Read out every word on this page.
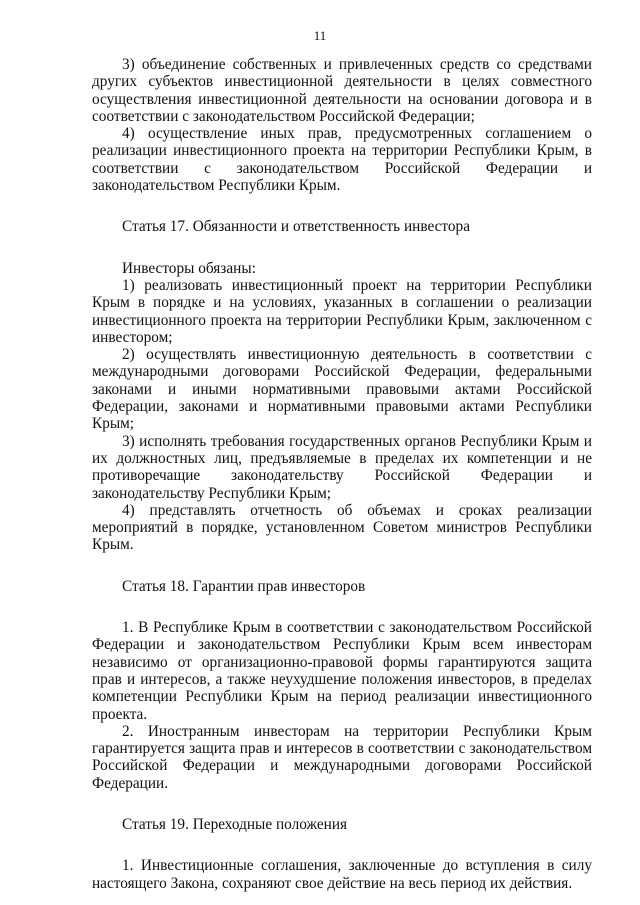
11

3) объединение собственных и привлеченных средств со средствами других субъектов инвестиционной деятельности в целях совместного осуществления инвестиционной деятельности на основании договора и в соответствии с законодательством Российской Федерации;

4) осуществление иных прав, предусмотренных соглашением о реализации инвестиционного проекта на территории Республики Крым, в соответствии с законодательством Российской Федерации и законодательством Республики Крым.

Статья 17. Обязанности и ответственность инвестора

Инвесторы обязаны:

1) реализовать инвестиционный проект на территории Республики Крым в порядке и на условиях, указанных в соглашении о реализации инвестиционного проекта на территории Республики Крым, заключенном с инвестором;

2) осуществлять инвестиционную деятельность в соответствии с международными договорами Российской Федерации, федеральными законами и иными нормативными правовыми актами Российской Федерации, законами и нормативными правовыми актами Республики Крым;

3) исполнять требования государственных органов Республики Крым и их должностных лиц, предъявляемые в пределах их компетенции и не противоречащие законодательству Российской Федерации и законодательству Республики Крым;

4) представлять отчетность об объемах и сроках реализации мероприятий в порядке, установленном Советом министров Республики Крым.

Статья 18. Гарантии прав инвесторов

1. В Республике Крым в соответствии с законодательством Российской Федерации и законодательством Республики Крым всем инвесторам независимо от организационно-правовой формы гарантируются защита прав и интересов, а также неухудшение положения инвесторов, в пределах компетенции Республики Крым на период реализации инвестиционного проекта.

2. Иностранным инвесторам на территории Республики Крым гарантируется защита прав и интересов в соответствии с законодательством Российской Федерации и международными договорами Российской Федерации.

Статья 19. Переходные положения

1. Инвестиционные соглашения, заключенные до вступления в силу настоящего Закона, сохраняют свое действие на весь период их действия.
